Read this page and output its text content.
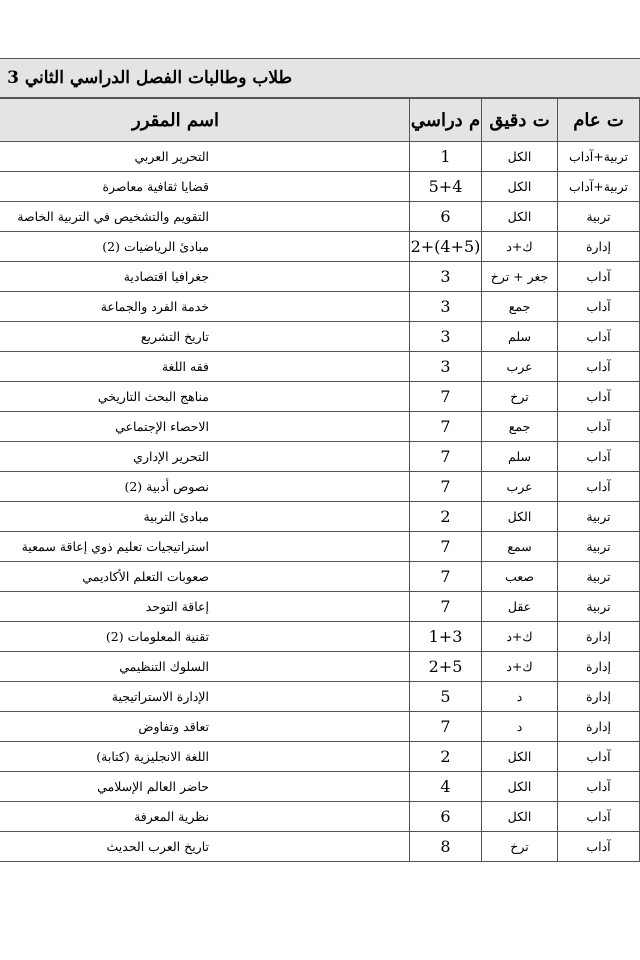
طلاب وطالبات الفصل الدراسي الثاني 3
ت عام	ت دقيق	م دراسي	اسم المقرر
تربية+آداب	الكل	1	التحرير العربي
تربية+آداب	الكل	5+4	قضايا ثقافية معاصرة
تربية	الكل	6	التقويم والتشخيص في التربية الخاصة
إدارة	ك+د	(4+5)+2	مبادئ الرياضيات (2)
آداب	جغر + ترخ	3	جغرافيا اقتصادية
آداب	جمع	3	خدمة الفرد والجماعة
آداب	سلم	3	تاريخ التشريع
آداب	عرب	3	فقه اللغة
آداب	ترخ	7	مناهج البحث التاريخي
آداب	جمع	7	الاحصاء الإجتماعي
آداب	سلم	7	التحرير الإداري
آداب	عرب	7	نصوص أدبية (2)
تربية	الكل	2	مبادئ التربية
تربية	سمع	7	استراتيجيات تعليم ذوي إعاقة سمعية
تربية	صعب	7	صعوبات التعلم الأكاديمي
تربية	عقل	7	إعاقة التوحد
إدارة	ك+د	1+3	تقنية المعلومات (2)
إدارة	ك+د	2+5	السلوك التنظيمي
إدارة	د	5	الإدارة الاستراتيجية
إدارة	د	7	تعاقد وتفاوض
آداب	الكل	2	اللغة الانجليزية (كتابة)
آداب	الكل	4	حاضر العالم الإسلامي
آداب	الكل	6	نظرية المعرفة
آداب	ترخ	8	تاريخ العرب الحديث
